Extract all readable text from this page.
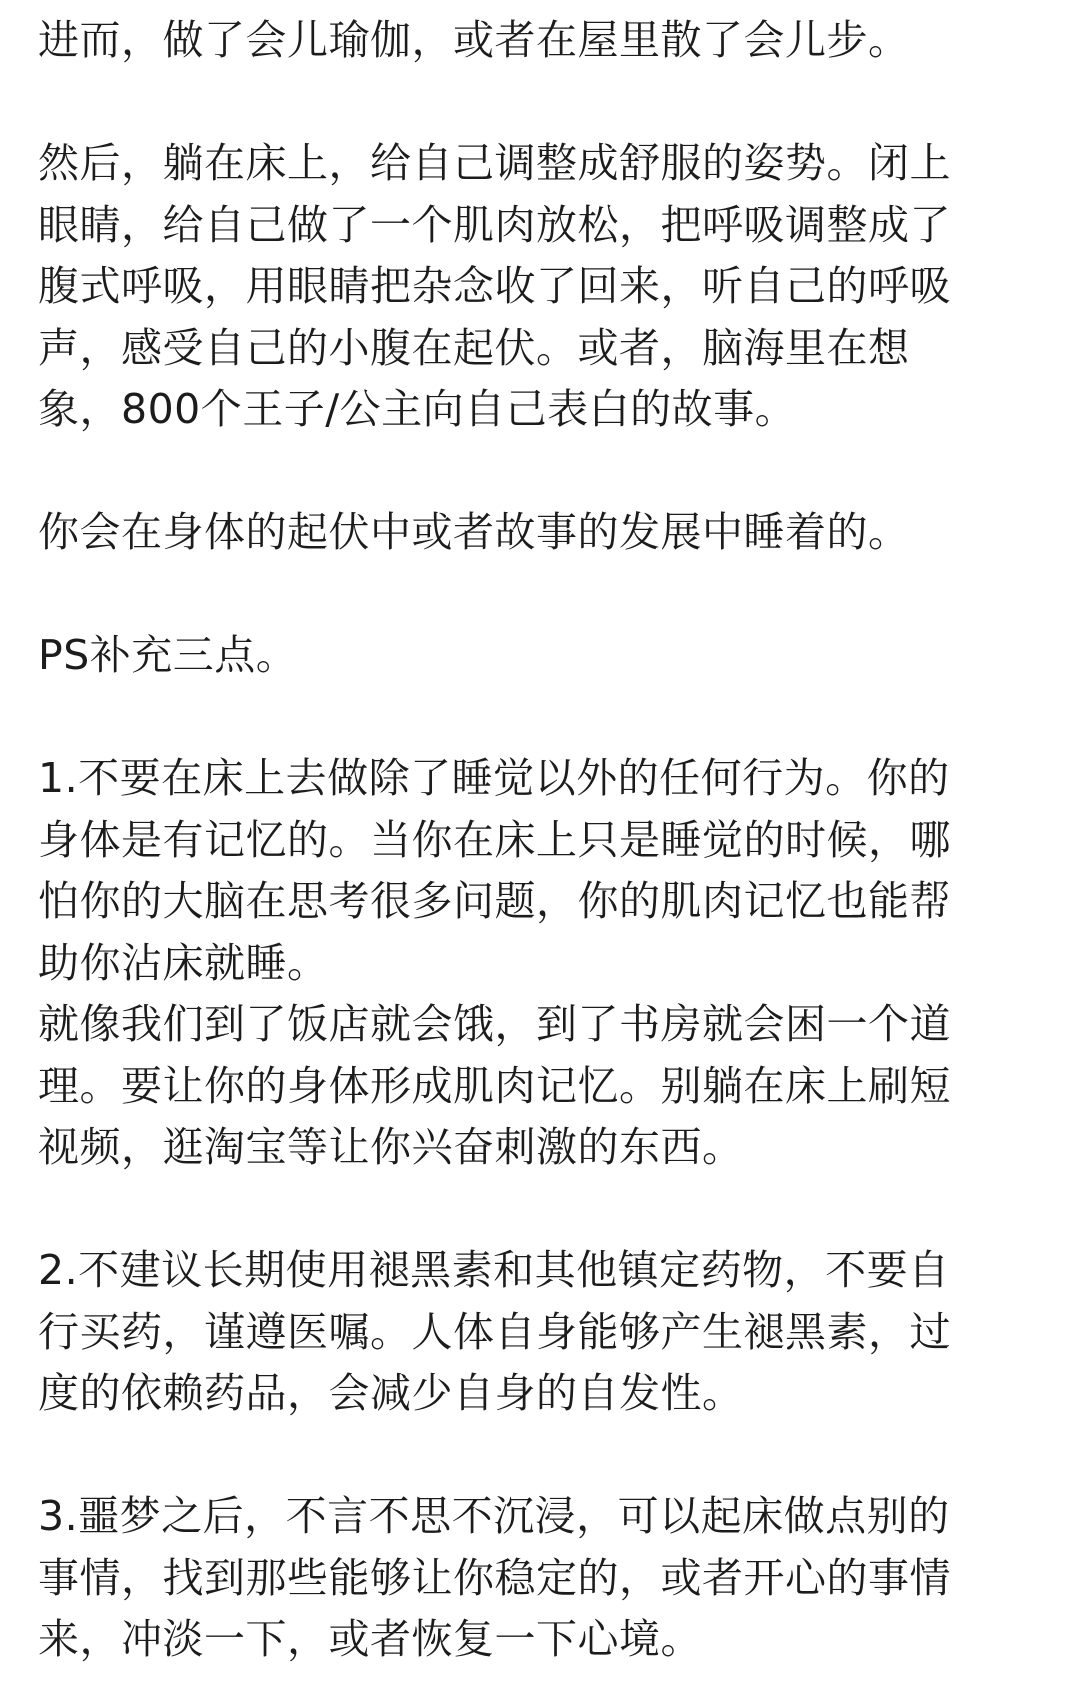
进而，做了会儿瑜伽，或者在屋里散了会儿步。

然后，躺在床上，给自己调整成舒服的姿势。闭上
眼睛，给自己做了一个肌肉放松，把呼吸调整成了
腹式呼吸，用眼睛把杂念收了回来，听自己的呼吸
声，感受自己的小腹在起伏。或者，脑海里在想
象，800个王子/公主向自己表白的故事。

你会在身体的起伏中或者故事的发展中睡着的。

PS补充三点。

1.不要在床上去做除了睡觉以外的任何行为。你的
身体是有记忆的。当你在床上只是睡觉的时候，哪
怕你的大脑在思考很多问题，你的肌肉记忆也能帮
助你沾床就睡。
就像我们到了饭店就会饿，到了书房就会困一个道
理。要让你的身体形成肌肉记忆。别躺在床上刷短
视频，逛淘宝等让你兴奋刺激的东西。

2.不建议长期使用褪黑素和其他镇定药物，不要自
行买药，谨遵医嘱。人体自身能够产生褪黑素，过
度的依赖药品，会减少自身的自发性。

3.噩梦之后，不言不思不沉浸，可以起床做点别的
事情，找到那些能够让你稳定的，或者开心的事情
来，冲淡一下，或者恢复一下心境。
